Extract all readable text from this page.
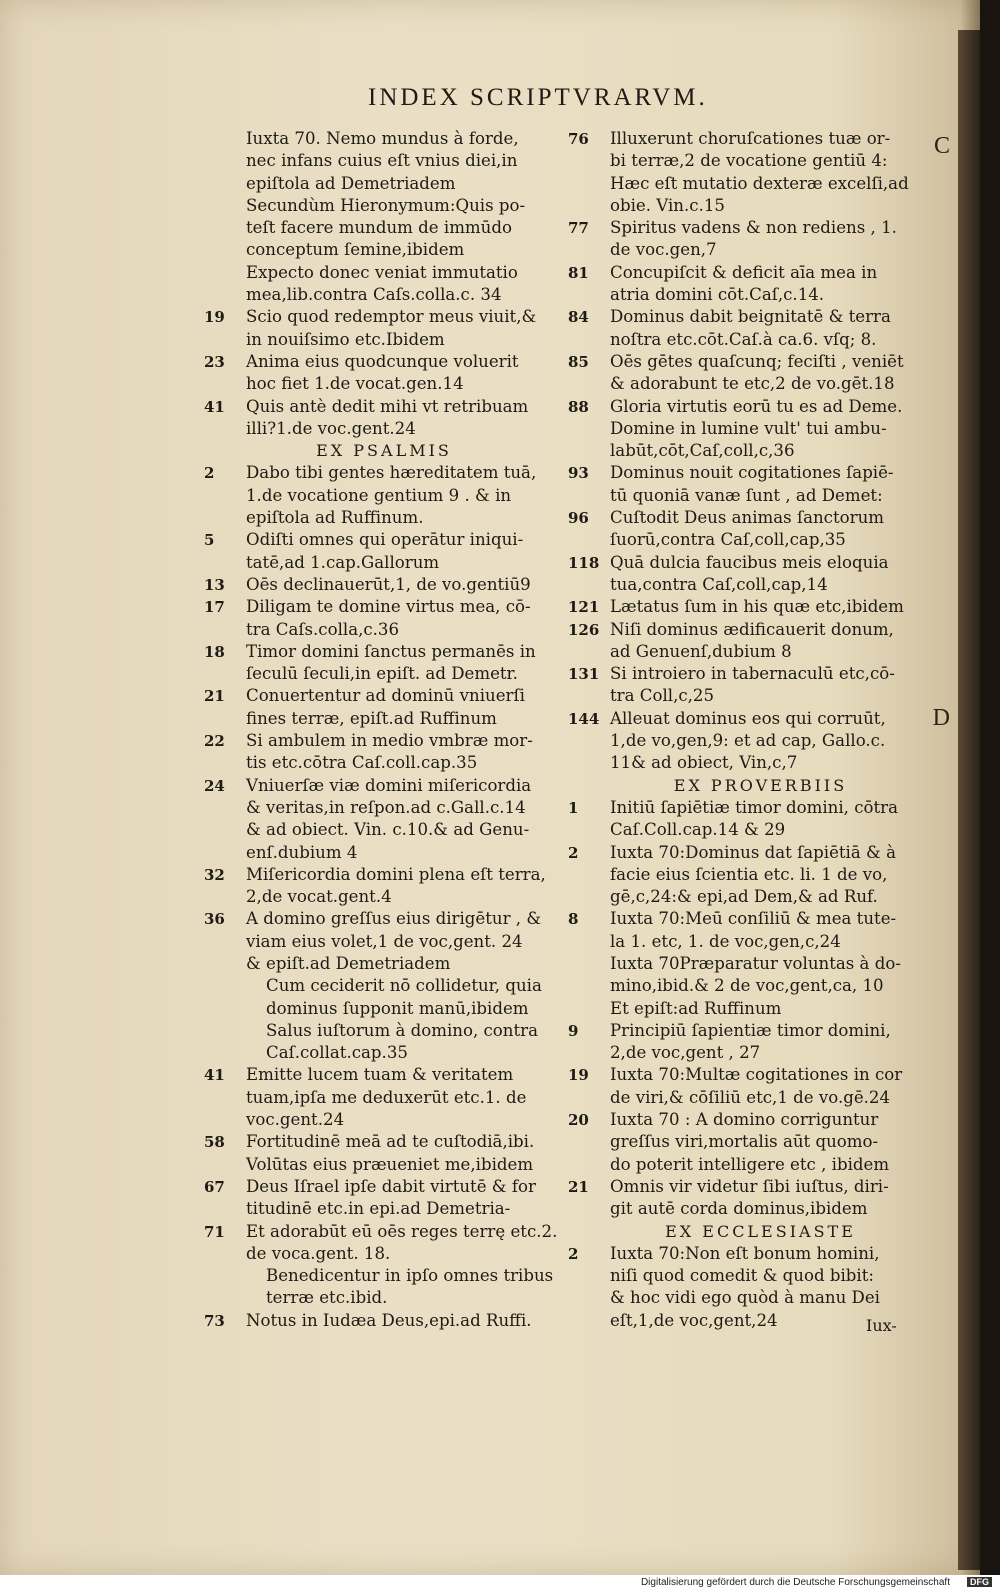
INDEX SCRIPTVRARVM.
C
D
Iuxta 70. Nemo mundus à forde,
nec infans cuius eſt vnius diei,in
epiſtola ad Demetriadem
Secundùm Hieronymum:Quis po-
teſt facere mundum de immūdo
conceptum ſemine,ibidem
Expecto donec veniat immutatio
mea,lib.contra Caſs.colla.c. 34
19	Scio quod redemptor meus viuit,&
in nouiſsimo etc.Ibidem
23	Anima eius quodcunque voluerit
hoc fiet 1.de vocat.gen.14
41	Quis antè dedit mihi vt retribuam
illi?1.de voc.gent.24
EX PSALMIS
2	Dabo tibi gentes hæreditatem tuā,
1.de vocatione gentium 9 . & in
epiſtola ad Ruffinum.
5	Odiſti omnes qui operātur iniqui-
tatē,ad 1.cap.Gallorum
13	Oēs declinauerūt,1, de vo.gentiū9
17	Diligam te domine virtus mea, cō-
tra Caſs.colla,c.36
18	Timor domini ſanctus permanēs in
ſeculū ſeculi,in epiſt. ad Demetr.
21	Conuertentur ad dominū vniuerſi
fines terræ, epiſt.ad Ruffinum
22	Si ambulem in medio vmbræ mor-
tis etc.cōtra Caſ.coll.cap.35
24	Vniuerſæ viæ domini miſericordia
& veritas,in reſpon.ad c.Gall.c.14
& ad obiect. Vin. c.10.& ad Genu-
enſ.dubium 4
32	Miſericordia domini plena eſt terra,
2,de vocat.gent.4
36	A domino greſſus eius dirigētur , &
viam eius volet,1 de voc,gent. 24
& epiſt.ad Demetriadem
Cum ceciderit nō collidetur, quia
dominus ſupponit manū,ibidem
Salus iuſtorum à domino, contra
Caſ.collat.cap.35
41	Emitte lucem tuam & veritatem
tuam,ipſa me deduxerūt etc.1. de
voc.gent.24
58	Fortitudinē meā ad te cuſtodiā,ibi.
Volūtas eius præueniet me,ibidem
67	Deus Iſrael ipſe dabit virtutē & for
titudinē etc.in epi.ad Demetria-
71	Et adorabūt eū oēs reges terrę etc.2.
de voca.gent. 18.
Benedicentur in ipſo omnes tribus
terræ etc.ibid.
73	Notus in Iudæa Deus,epi.ad Ruffi.
76	Illuxerunt choruſcationes tuæ or-
bi terræ,2 de vocatione gentiū 4:
Hæc eſt mutatio dexteræ excelſi,ad
obie. Vin.c.15
77	Spiritus vadens & non rediens , 1.
de voc.gen,7
81	Concupiſcit & deficit aīa mea in
atria domini cōt.Caſ,c.14.
84	Dominus dabit beignitatē & terra
noſtra etc.cōt.Caſ.à ca.6. vſq; 8.
85	Oēs gētes quaſcunq; feciſti , veniēt
& adorabunt te etc,2 de vo.gēt.18
88	Gloria virtutis eorū tu es ad Deme.
Domine in lumine vult' tui ambu-
labūt,cōt,Caſ,coll,c,36
93	Dominus nouit cogitationes ſapiē-
tū quoniā vanæ ſunt , ad Demet:
96	Cuſtodit Deus animas ſanctorum
ſuorū,contra Caſ,coll,cap,35
118 Quā dulcia faucibus meis eloquia
tua,contra Caſ,coll,cap,14
121 Lætatus ſum in his quæ etc,ibidem
126 Niſi dominus ædificauerit donum,
ad Genuenſ,dubium 8
131 Si introiero in tabernaculū etc,cō-
tra Coll,c,25
144 Alleuat dominus eos qui corruūt,
1,de vo,gen,9: et ad cap, Gallo.c.
11& ad obiect, Vin,c,7
EX PROVERBIIS
1	Initiū ſapiētiæ timor domini, cōtra
Caſ.Coll.cap.14 & 29
2	Iuxta 70:Dominus dat ſapiētiā & à
facie eius ſcientia etc. li. 1 de vo,
gē,c,24:& epi,ad Dem,& ad Ruf.
8	Iuxta 70:Meū conſiliū & mea tute-
la 1. etc, 1. de voc,gen,c,24
Iuxta 70Præparatur voluntas à do-
mino,ibid.& 2 de voc,gent,ca, 10
Et epiſt:ad Ruffinum
9	Principiū ſapientiæ timor domini,
2,de voc,gent , 27
19	Iuxta 70:Multæ cogitationes in cor
de viri,& cōſiliū etc,1 de vo.gē.24
20	Iuxta 70 : A domino corriguntur
greſſus viri,mortalis aūt quomo-
do poterit intelligere etc , ibidem
21	Omnis vir videtur ſibi iuſtus, diri-
git autē corda dominus,ibidem
EX ECCLESIASTE
2	Iuxta 70:Non eſt bonum homini,
niſi quod comedit & quod bibit:
& hoc vidi ego quòd à manu Dei
eſt,1,de voc,gent,24	Iux-
Digitalisierung gefördert durch die Deutsche Forschungsgemeinschaft	DFG
